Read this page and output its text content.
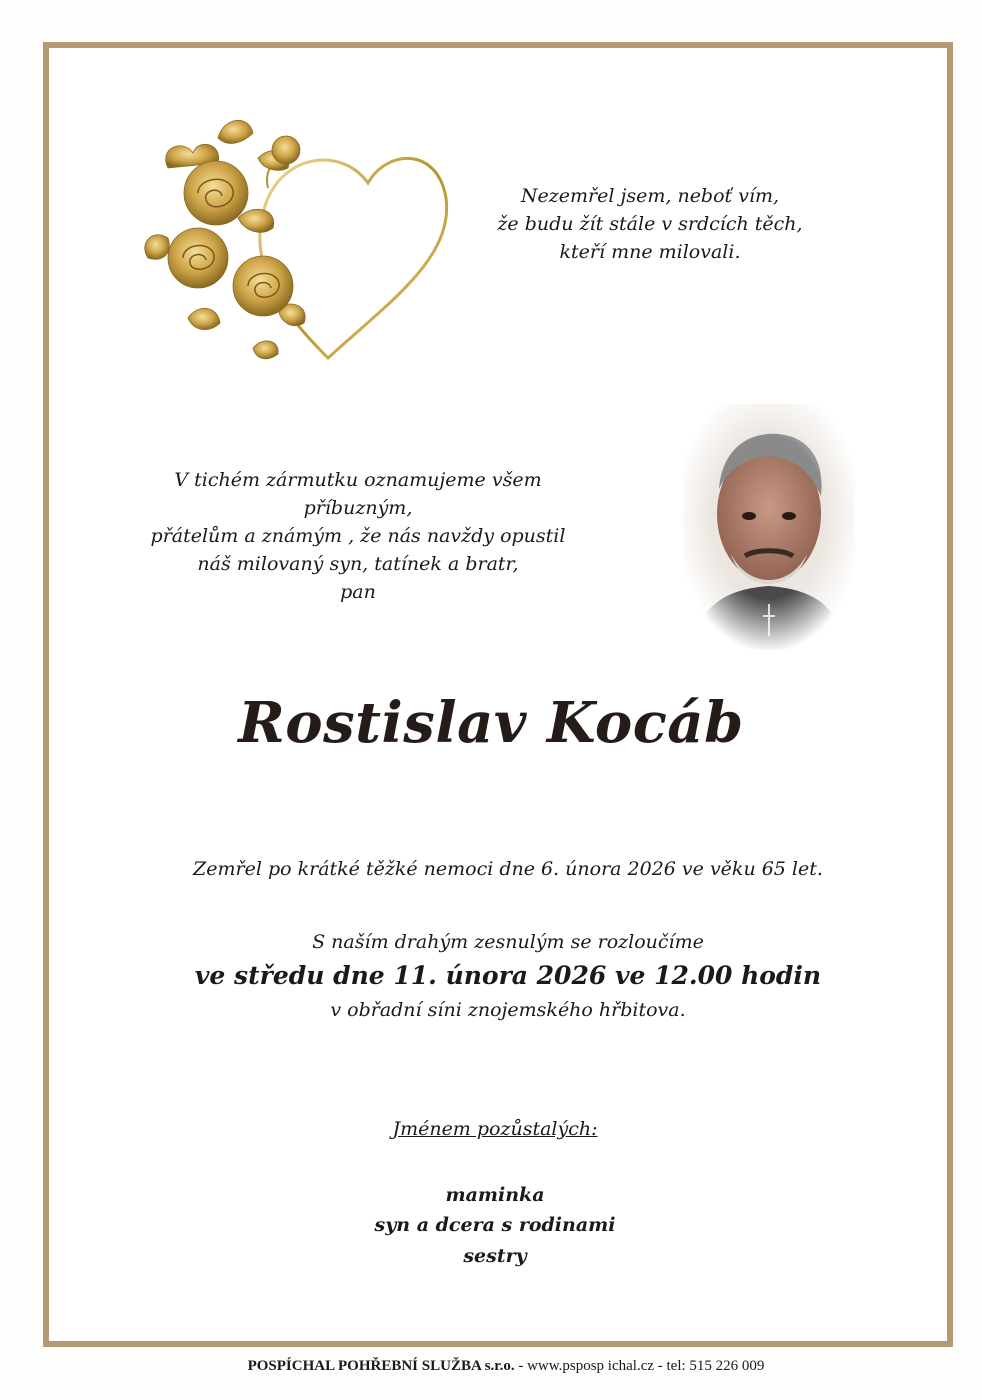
Nezemřel jsem, neboť vím,
že budu žít stále v srdcích těch,
kteří mne milovali.
V tichém zármutku oznamujeme všem příbuzným,
přátelům a známým , že nás navždy opustil
náš milovaný syn, tatínek a bratr,
pan
Rostislav Kocáb
Zemřel po krátké těžké nemoci dne 6. února 2026 ve věku 65 let.
S naším drahým zesnulým se rozloučíme
ve středu dne 11. února 2026 ve 12.00 hodin
v obřadní síni znojemského hřbitova.
Jménem pozůstalých:
maminka
syn a dcera s rodinami
sestry
POSPÍCHAL POHŘEBNÍ SLUŽBA s.r.o. - www.psposp ichal.cz - tel: 515 226 009
